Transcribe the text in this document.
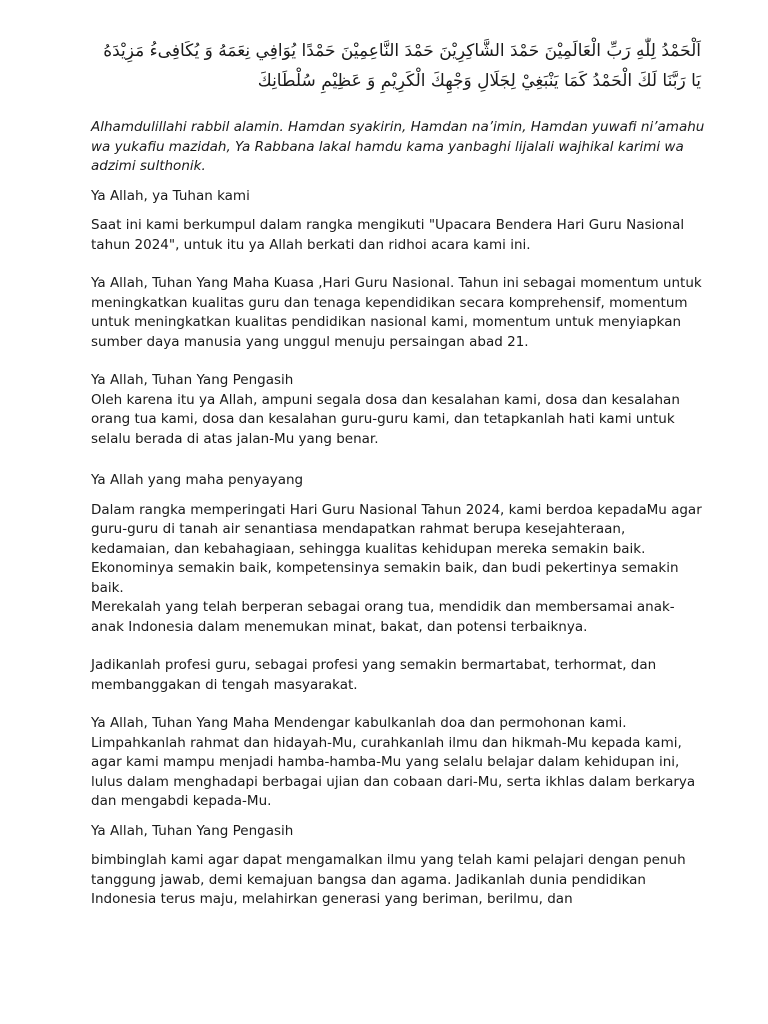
اَلْحَمْدُ لِلّٰهِ رَبِّ الْعَالَمِيْنَ حَمْدَ الشَّاكِرِيْنَ حَمْدَ النَّاعِمِيْنَ حَمْدًا يُوَافِي نِعَمَهُ وَ يُكَافِىءُ مَزِيْدَهُ يَا رَبَّنَا لَكَ الْحَمْدُ كَمَا يَنْبَغِيْ لِجَلَالِ وَجْهِكَ الْكَرِيْمِ وَ عَظِيْمِ سُلْطَانِكَ

Alhamdulillahi rabbil alamin. Hamdan syakirin, Hamdan na’imin, Hamdan yuwafi ni’amahu wa yukafiu mazidah, Ya Rabbana lakal hamdu kama yanbaghi lijalali wajhikal karimi wa adzimi sulthonik.

Ya Allah, ya Tuhan kami

Saat ini kami berkumpul dalam rangka mengikuti "Upacara Bendera Hari Guru Nasional tahun 2024", untuk itu ya Allah berkati dan ridhoi acara kami ini.

Ya Allah, Tuhan Yang Maha Kuasa ,Hari Guru Nasional. Tahun ini sebagai momentum untuk meningkatkan kualitas guru dan tenaga kependidikan secara komprehensif, momentum untuk meningkatkan kualitas pendidikan nasional kami, momentum untuk menyiapkan sumber daya manusia yang unggul menuju persaingan abad 21.

Ya Allah, Tuhan Yang Pengasih

Oleh karena itu ya Allah, ampuni segala dosa dan kesalahan kami, dosa dan kesalahan orang tua kami, dosa dan kesalahan guru-guru kami, dan tetapkanlah hati kami untuk selalu berada di atas jalan-Mu yang benar.

Ya Allah yang maha penyayang

Dalam rangka memperingati Hari Guru Nasional Tahun 2024, kami berdoa kepadaMu agar guru-guru di tanah air senantiasa mendapatkan rahmat berupa kesejahteraan, kedamaian, dan kebahagiaan, sehingga kualitas kehidupan mereka semakin baik. Ekonominya semakin baik, kompetensinya semakin baik, dan budi pekertinya semakin baik.

Merekalah yang telah berperan sebagai orang tua, mendidik dan membersamai anak-anak Indonesia dalam menemukan minat, bakat, dan potensi terbaiknya.

Jadikanlah profesi guru, sebagai profesi yang semakin bermartabat, terhormat, dan membanggakan di tengah masyarakat.

Ya Allah, Tuhan Yang Maha Mendengar kabulkanlah doa dan permohonan kami. Limpahkanlah rahmat dan hidayah-Mu, curahkanlah ilmu dan hikmah-Mu kepada kami, agar kami mampu menjadi hamba-hamba-Mu yang selalu belajar dalam kehidupan ini, lulus dalam menghadapi berbagai ujian dan cobaan dari-Mu, serta ikhlas dalam berkarya dan mengabdi kepada-Mu.

Ya Allah, Tuhan Yang Pengasih

bimbinglah kami agar dapat mengamalkan ilmu yang telah kami pelajari dengan penuh tanggung jawab, demi kemajuan bangsa dan agama. Jadikanlah dunia pendidikan Indonesia terus maju, melahirkan generasi yang beriman, berilmu, dan
